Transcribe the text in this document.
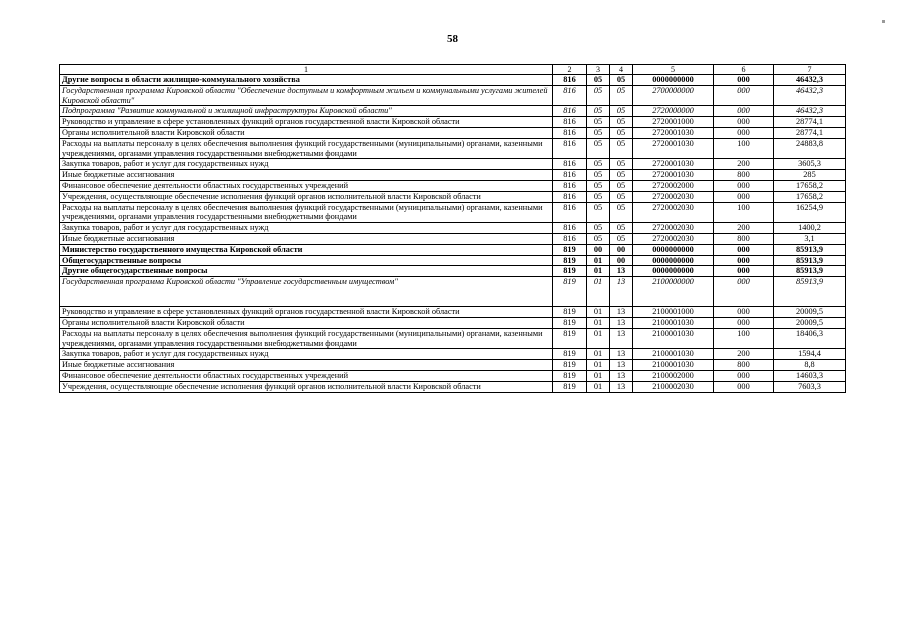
58
1	2	3	4	5	6	7
Другие вопросы в области жилищно-коммунального хозяйства	816	05	05	0000000000	000	46432,3
Государственная программа Кировской области "Обеспечение доступным и комфортным жильем и коммунальными услугами жителей Кировской области"	816	05	05	2700000000	000	46432,3
Подпрограмма "Развитие коммунальной и жилищной инфраструктуры Кировской области"	816	05	05	2720000000	000	46432,3
Руководство и управление в сфере установленных функций органов государственной власти Кировской области	816	05	05	2720001000	000	28774,1
Органы исполнительной власти Кировской области	816	05	05	2720001030	000	28774,1
Расходы на выплаты персоналу в целях обеспечения выполнения функций государственными (муниципальными) органами, казенными учреждениями, органами управления государственными внебюджетными фондами	816	05	05	2720001030	100	24883,8
Закупка товаров, работ и услуг для государственных нужд	816	05	05	2720001030	200	3605,3
Иные бюджетные ассигнования	816	05	05	2720001030	800	285
Финансовое обеспечение деятельности областных государственных учреждений	816	05	05	2720002000	000	17658,2
Учреждения, осуществляющие обеспечение исполнения функций органов исполнительной власти Кировской области	816	05	05	2720002030	000	17658,2
Расходы на выплаты персоналу в целях обеспечения выполнения функций государственными (муниципальными) органами, казенными учреждениями, органами управления государственными внебюджетными фондами	816	05	05	2720002030	100	16254,9
Закупка товаров, работ и услуг для государственных нужд	816	05	05	2720002030	200	1400,2
Иные бюджетные ассигнования	816	05	05	2720002030	800	3,1
Министерство государственного имущества Кировской области	819	00	00	0000000000	000	85913,9
Общегосударственные вопросы	819	01	00	0000000000	000	85913,9
Другие общегосударственные вопросы	819	01	13	0000000000	000	85913,9
Государственная программа Кировской области "Управление государственным имуществом"	819	01	13	2100000000	000	85913,9
Руководство и управление в сфере установленных функций органов государственной власти Кировской области	819	01	13	2100001000	000	20009,5
Органы исполнительной власти Кировской области	819	01	13	2100001030	000	20009,5
Расходы на выплаты персоналу в целях обеспечения выполнения функций государственными (муниципальными) органами, казенными учреждениями, органами управления государственными внебюджетными фондами	819	01	13	2100001030	100	18406,3
Закупка товаров, работ и услуг для государственных нужд	819	01	13	2100001030	200	1594,4
Иные бюджетные ассигнования	819	01	13	2100001030	800	8,8
Финансовое обеспечение деятельности областных государственных учреждений	819	01	13	2100002000	000	14603,3
Учреждения, осуществляющие обеспечение исполнения функций органов исполнительной власти Кировской области	819	01	13	2100002030	000	7603,3
